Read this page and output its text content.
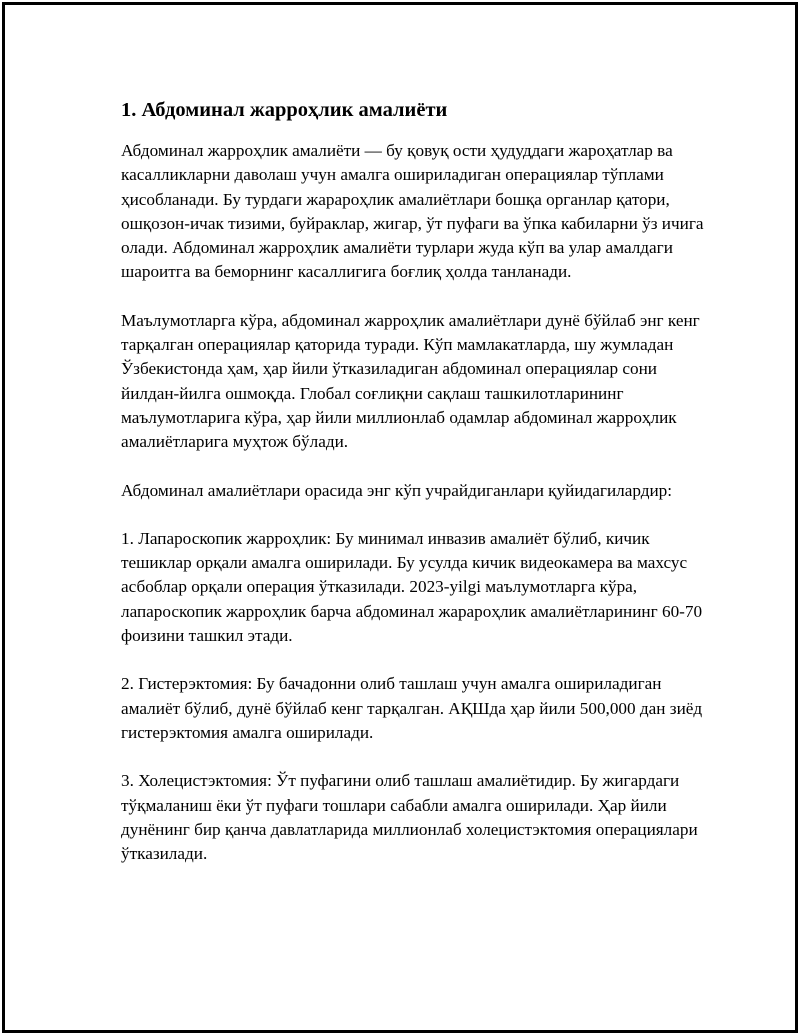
1. Абдоминал жарроҳлик амалиёти

Абдоминал жарроҳлик амалиёти — бу қовуқ ости ҳудуддаги жароҳатлар ва касалликларни даволаш учун амалга ошириладиган операциялар тўплами ҳисобланади. Бу турдаги жарароҳлик амалиётлари бошқа органлар қатори, ошқозон-ичак тизими, буйраклар, жигар, ўт пуфаги ва ўпка кабиларни ўз ичига олади. Абдоминал жарроҳлик амалиёти турлари жуда кўп ва улар амалдаги шароитга ва беморнинг касаллигига боғлиқ ҳолда танланади.

Маълумотларга кўра, абдоминал жарроҳлик амалиётлари дунё бўйлаб энг кенг тарқалган операциялар қаторида туради. Кўп мамлакатларда, шу жумладан Ўзбекистонда ҳам, ҳар йили ўтказиладиган абдоминал операциялар сони йилдан-йилга ошмоқда. Глобал соғлиқни сақлаш ташкилотларининг маълумотларига кўра, ҳар йили миллионлаб одамлар абдоминал жарроҳлик амалиётларига муҳтож бўлади.

Абдоминал амалиётлари орасида энг кўп учрайдиганлари қуйидагилардир:

1. Лапароскопик жарроҳлик: Бу минимал инвазив амалиёт бўлиб, кичик тешиклар орқали амалга оширилади. Бу усулда кичик видеокамера ва махсус асбоблар орқали операция ўтказилади. 2023-yilgi маълумотларга кўра, лапароскопик жарроҳлик барча абдоминал жарароҳлик амалиётларининг 60-70 фоизини ташкил этади.

2. Гистерэктомия: Бу бачадонни олиб ташлаш учун амалга ошириладиган амалиёт бўлиб, дунё бўйлаб кенг тарқалган. АҚШда ҳар йили 500,000 дан зиёд гистерэктомия амалга оширилади.

3. Холецистэктомия: Ўт пуфагини олиб ташлаш амалиётидир. Бу жигардаги тўқмаланиш ёки ўт пуфаги тошлари сабабли амалга оширилади. Ҳар йили дунёнинг бир қанча давлатларида миллионлаб холецистэктомия операциялари ўтказилади.
